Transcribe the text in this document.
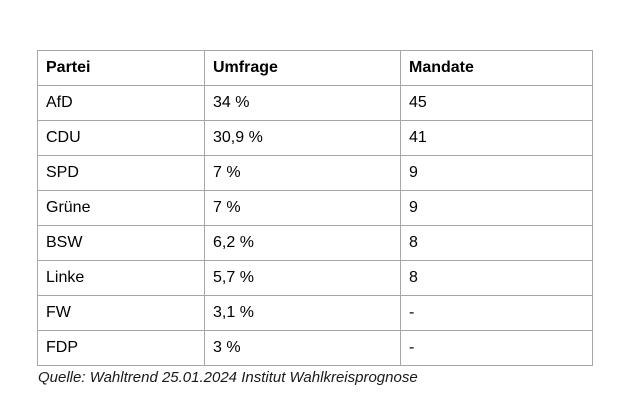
Partei	Umfrage	Mandate
AfD	34 %	45
CDU	30,9 %	41
SPD	7 %	9
Grüne	7 %	9
BSW	6,2 %	8
Linke	5,7 %	8
FW	3,1 %	-
FDP	3 %	-
Quelle: Wahltrend 25.01.2024 Institut Wahlkreisprognose
